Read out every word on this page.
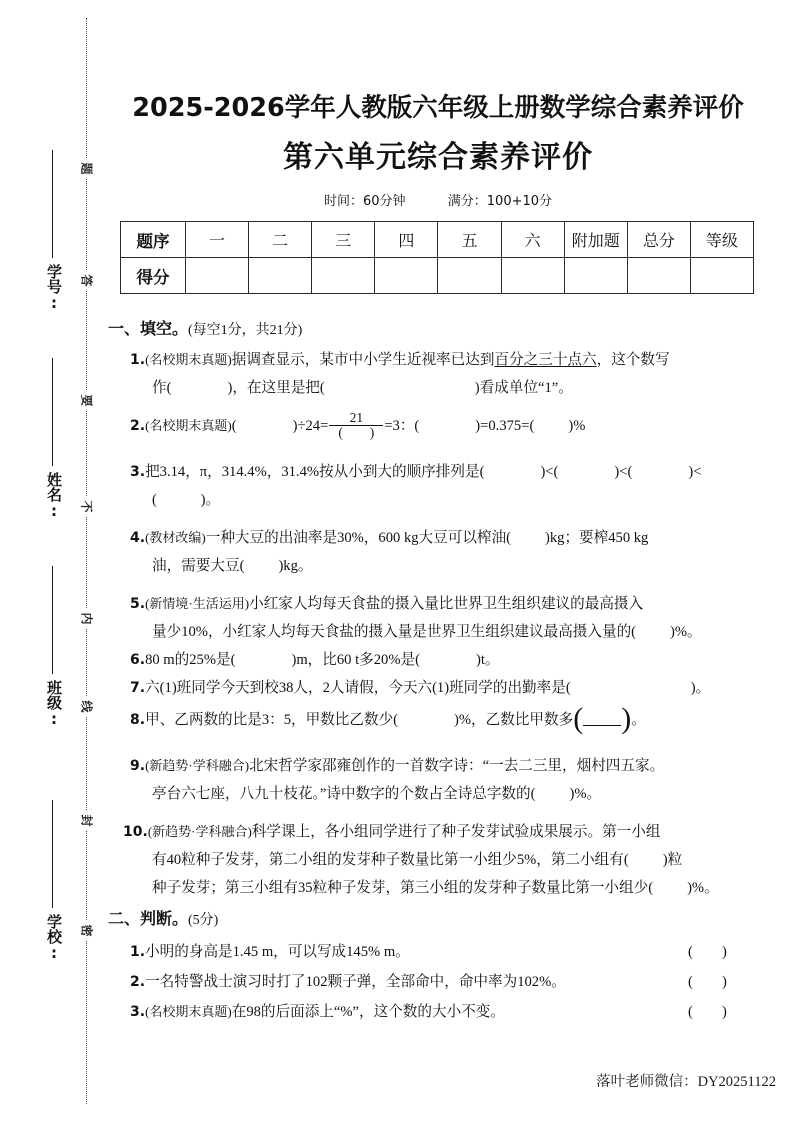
学号:
姓名:
班级:
学校:
题
答
要
不
内
线
封
密
2025-2026学年人教版六年级上册数学综合素养评价
第六单元综合素养评价
时间：60分钟	满分：100+10分
题序	一	二	三	四	五	六	附加题	总分	等级
得分									
一、填空。(每空1分，共21分)
1.(名校期末真题)据调查显示，某市中小学生近视率已达到百分之三十点六，这个数写
作(	)，在这里是把(	)看成单位“1”。
2.(名校期末真题)(	)$\div 24= \frac{21}{( )} =3$：(	)=0.375=( )%
3.把3.14，π，314.4%，31.4%按从小到大的顺序排列是(	)<(	)<(	)<
(　　　)。
4.(教材改编)一种大豆的出油率是30%，600 kg大豆可以榨油( )kg；要榨450 kg
油，需要大豆( )kg。
5.(新情境·生活运用)小红家人均每天食盐的摄入量比世界卫生组织建议的最高摄入
量少10%，小红家人均每天食盐的摄入量是世界卫生组织建议最高摄入量的( )%。
6.80 m的25%是(	)m，比60 t多20%是(	)t。
7.六(1)班同学今天到校38人，2人请假，今天六(1)班同学的出勤率是(	)。
8.甲、乙两数的比是3：5，甲数比乙数少(	)%，乙数比甲数多( )。
9.(新趋势·学科融合)北宋哲学家邵雍创作的一首数字诗：“一去二三里，烟村四五家。
亭台六七座，八九十枝花。”诗中数字的个数占全诗总字数的( )%。
10.(新趋势·学科融合)科学课上，各小组同学进行了种子发芽试验成果展示。第一小组
有40粒种子发芽，第二小组的发芽种子数量比第一小组少5%，第二小组有( )粒
种子发芽；第三小组有35粒种子发芽，第三小组的发芽种子数量比第一小组少( )%。
二、判断。(5分)
1.小明的身高是1.45 m，可以写成145% m。	(　　)
2.一名特警战士演习时打了102颗子弹，全部命中，命中率为102%。	(　　)
3.(名校期末真题)在98的后面添上“%”，这个数的大小不变。	(　　)
落叶老师微信：DY20251122
